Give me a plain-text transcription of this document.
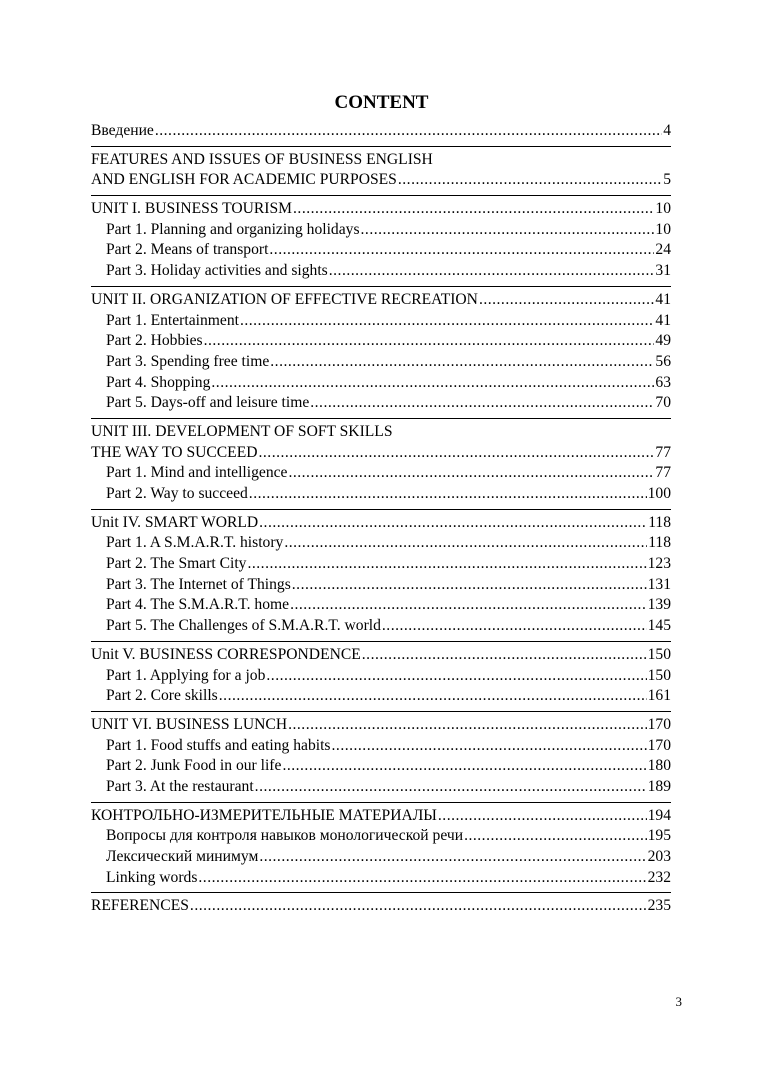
CONTENT
Введение .....	4
FEATURES AND ISSUES OF BUSINESS ENGLISH
AND ENGLISH FOR ACADEMIC PURPOSES .....	5
UNIT I. BUSINESS TOURISM .....	10
Part 1. Planning and organizing holidays .....	10
Part 2. Means of transport .....	24
Part 3. Holiday activities and sights .....	31
UNIT II. ORGANIZATION OF EFFECTIVE RECREATION .....	41
Part 1. Entertainment .....	41
Part 2. Hobbies .....	49
Part 3. Spending free time .....	56
Part 4. Shopping .....	63
Part 5. Days-off and leisure time .....	70
UNIT III. DEVELOPMENT OF SOFT SKILLS
THE WAY TO SUCCEED .....	77
Part 1. Mind and intelligence .....	77
Part 2. Way to succeed .....	100
Unit IV. SMART WORLD .....	118
Part 1. A S.M.A.R.T. history .....	118
Part 2. The Smart City .....	123
Part 3. The Internet of Things .....	131
Part 4. The S.M.A.R.T. home .....	139
Part 5. The Challenges of S.M.A.R.T. world .....	145
Unit V. BUSINESS CORRESPONDENCE .....	150
Part 1. Applying for a job .....	150
Part 2. Core skills .....	161
UNIT VI. BUSINESS LUNCH .....	170
Part 1. Food stuffs and eating habits .....	170
Part 2. Junk Food in our life .....	180
Part 3. At the restaurant .....	189
КОНТРОЛЬНО-ИЗМЕРИТЕЛЬНЫЕ МАТЕРИАЛЫ .....	194
Вопросы для контроля навыков монологической речи .....	195
Лексический минимум .....	203
Linking words .....	232
REFERENCES .....	235
3
